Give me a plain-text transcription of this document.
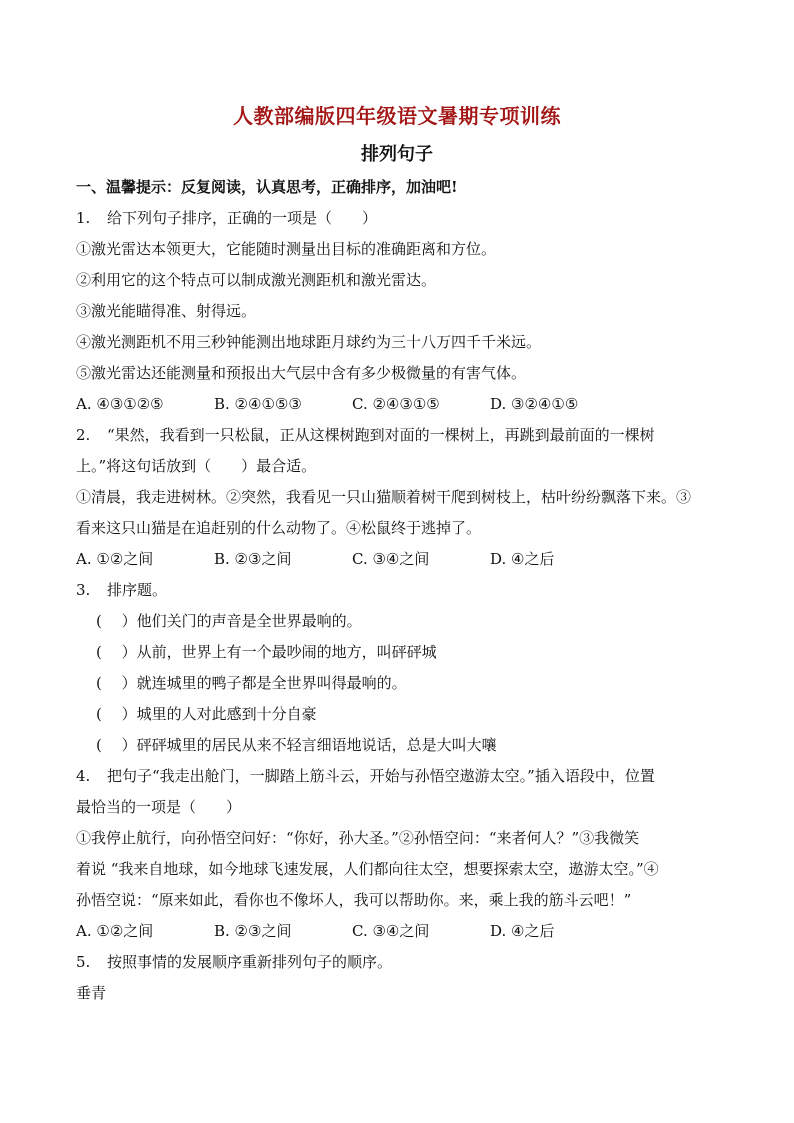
人教部编版四年级语文暑期专项训练
排列句子
一、温馨提示：反复阅读，认真思考，正确排序，加油吧!
1. 给下列句子排序，正确的一项是（　　）
①激光雷达本领更大，它能随时测量出目标的准确距离和方位。
②利用它的这个特点可以制成激光测距机和激光雷达。
③激光能瞄得准、射得远。
④激光测距机不用三秒钟能测出地球距月球约为三十八万四千千米远。
⑤激光雷达还能测量和预报出大气层中含有多少极微量的有害气体。
A. ④③①②⑤	B. ②④①⑤③	C. ②④③①⑤	D. ③②④①⑤
2. “果然，我看到一只松鼠，正从这棵树跑到对面的一棵树上，再跳到最前面的一棵树
上。”将这句话放到（　　）最合适。
①清晨，我走进树林。②突然，我看见一只山猫顺着树干爬到树枝上，枯叶纷纷飘落下来。③
看来这只山猫是在追赶别的什么动物了。④松鼠终于逃掉了。
A. ①②之间	B. ②③之间	C. ③④之间	D. ④之后
3. 排序题。
(　 ）他们关门的声音是全世界最响的。
(　 ）从前，世界上有一个最吵闹的地方，叫砰砰城
(　 ）就连城里的鸭子都是全世界叫得最响的。
(　 ）城里的人对此感到十分自豪
(　 ）砰砰城里的居民从来不轻言细语地说话，总是大叫大嚷
4. 把句子“我走出舱门，一脚踏上筋斗云，开始与孙悟空遨游太空。”插入语段中，位置
最恰当的一项是（　　）
①我停止航行，向孙悟空问好：“你好，孙大圣。”②孙悟空问：“来者何人？”③我微笑
着说 “我来自地球，如今地球飞速发展，人们都向往太空，想要探索太空，遨游太空。”④
孙悟空说：“原来如此，看你也不像坏人，我可以帮助你。来，乘上我的筋斗云吧！”
A. ①②之间	B. ②③之间	C. ③④之间	D. ④之后
5. 按照事情的发展顺序重新排列句子的顺序。
垂青
